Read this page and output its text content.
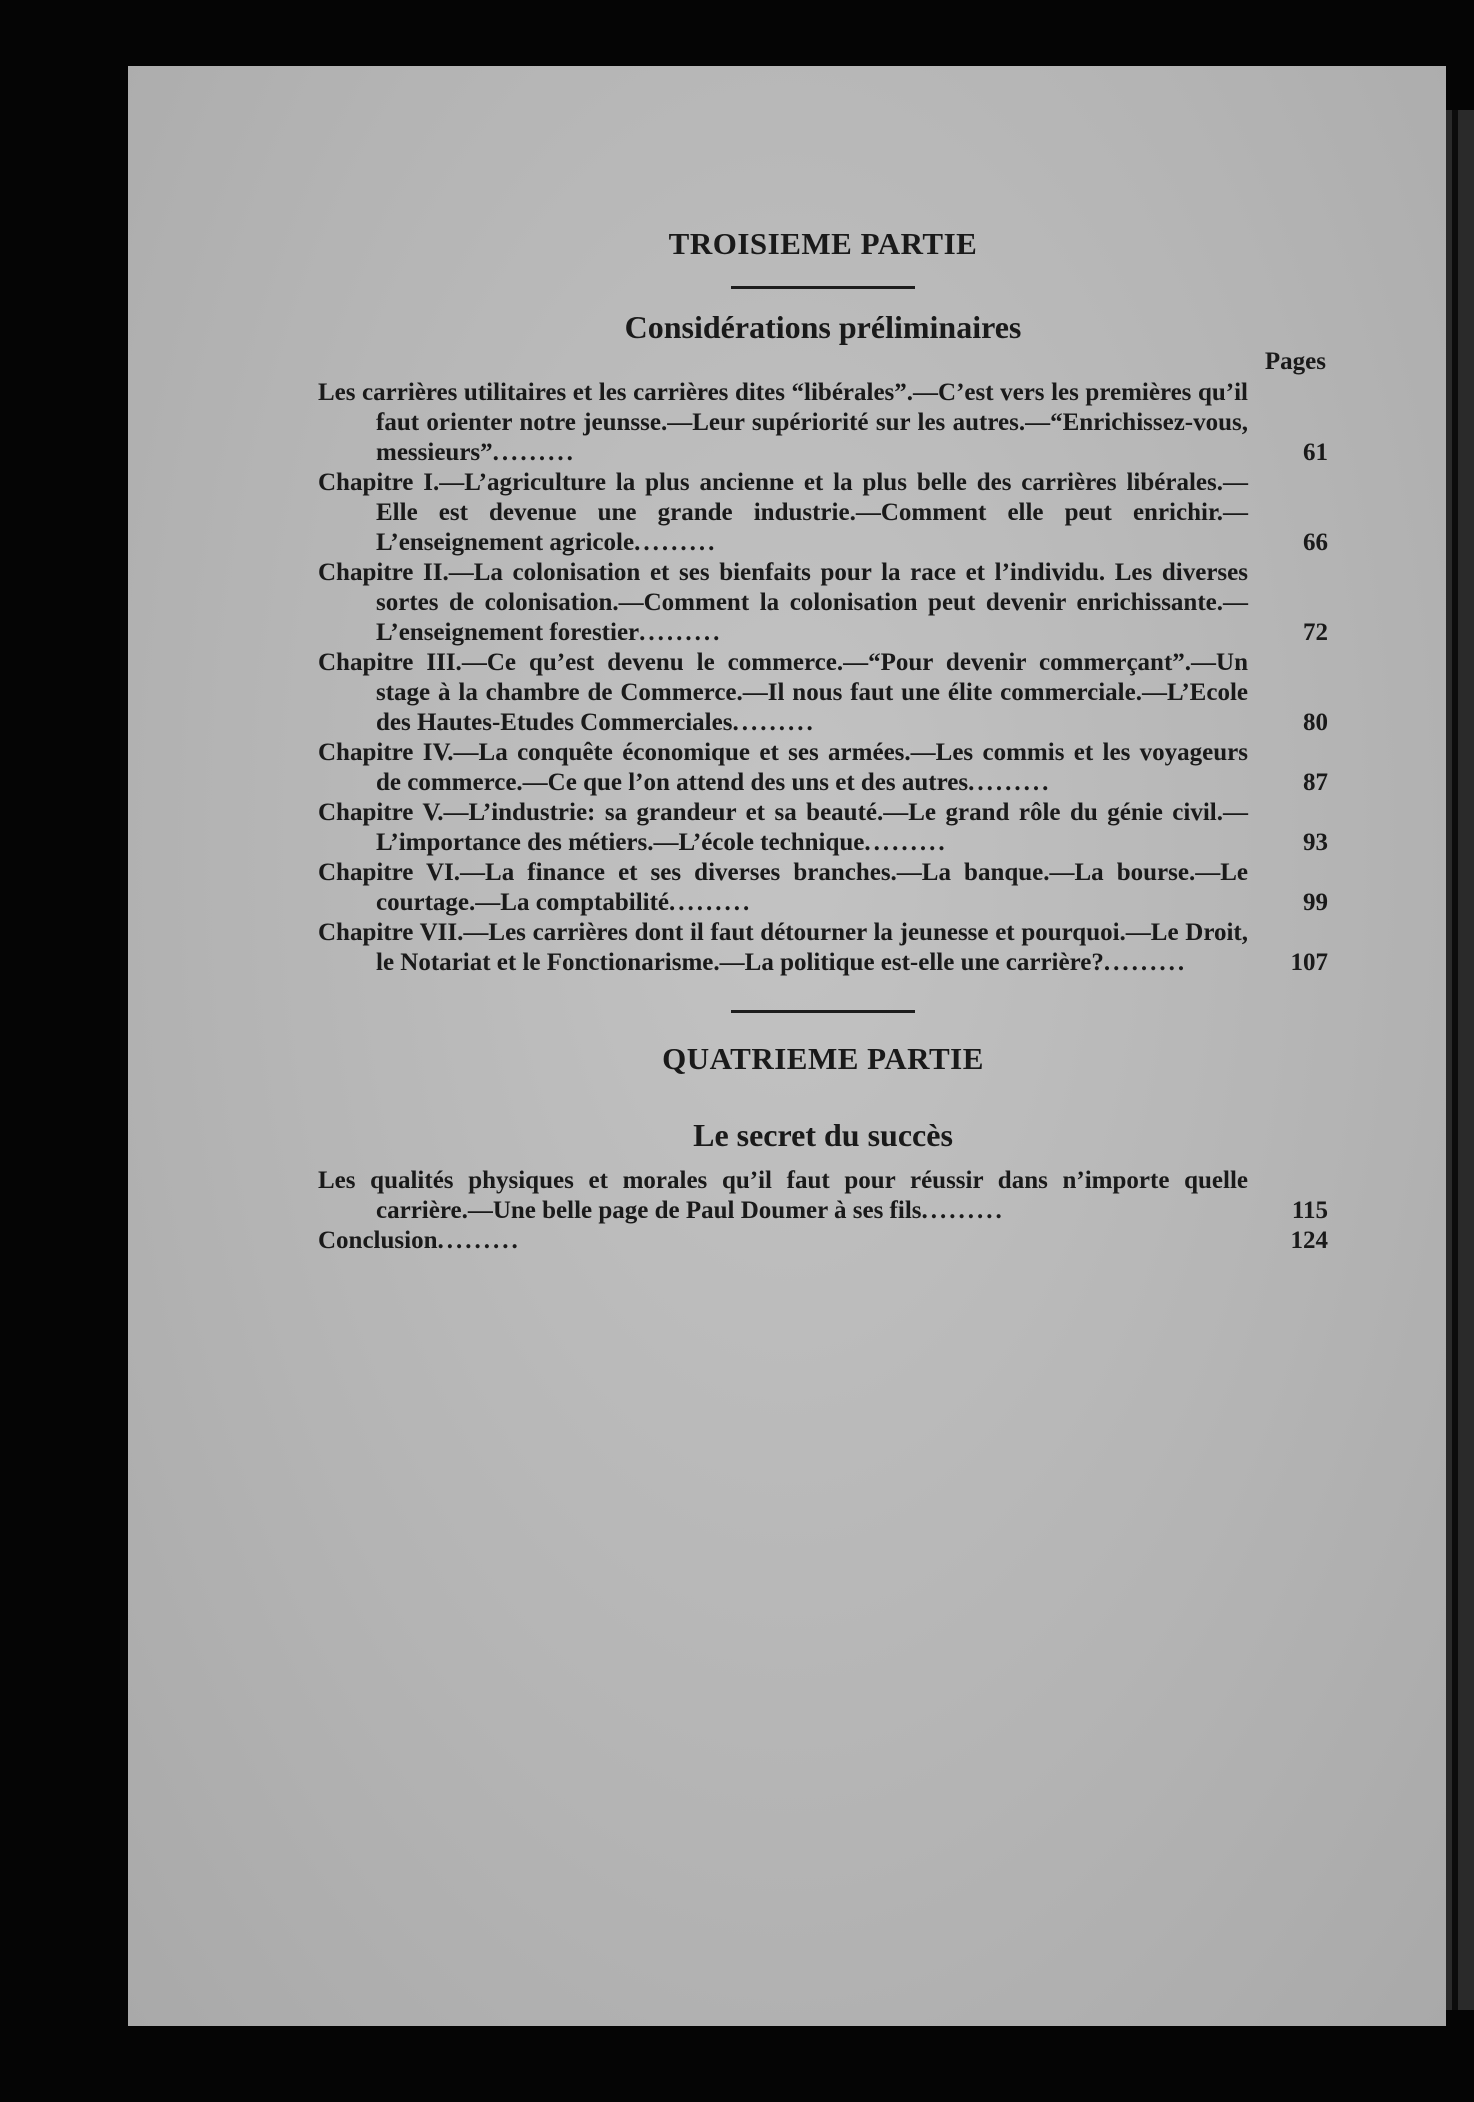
TROISIEME PARTIE
Considérations préliminaires
Pages
Les carrières utilitaires et les carrières dites “libérales”.—C’est vers les premières qu’il faut orienter notre jeunsse.—Leur supériorité sur les autres.—“Enrichissez-vous, messieurs”.........	61
Chapitre I.—L’agriculture la plus ancienne et la plus belle des carrières libérales.—Elle est devenue une grande industrie.—Comment elle peut enrichir.—L’enseignement agricole.........	66
Chapitre II.—La colonisation et ses bienfaits pour la race et l’individu. Les diverses sortes de colonisation.—Comment la colonisation peut devenir enrichissante.—L’enseignement forestier.........	72
Chapitre III.—Ce qu’est devenu le commerce.—“Pour devenir commerçant”.—Un stage à la chambre de Commerce.—Il nous faut une élite commerciale.—L’Ecole des Hautes-Etudes Commerciales.........	80
Chapitre IV.—La conquête économique et ses armées.—Les commis et les voyageurs de commerce.—Ce que l’on attend des uns et des autres.........	87
Chapitre V.—L’industrie: sa grandeur et sa beauté.—Le grand rôle du génie civil.—L’importance des métiers.—L’école technique.........	93
Chapitre VI.—La finance et ses diverses branches.—La banque.—La bourse.—Le courtage.—La comptabilité.........	99
Chapitre VII.—Les carrières dont il faut détourner la jeunesse et pourquoi.—Le Droit, le Notariat et le Fonctionarisme.—La politique est-elle une carrière?.........	107
QUATRIEME PARTIE
Le secret du succès
Les qualités physiques et morales qu’il faut pour réussir dans n’importe quelle carrière.—Une belle page de Paul Doumer à ses fils.........	115
Conclusion.........	124
